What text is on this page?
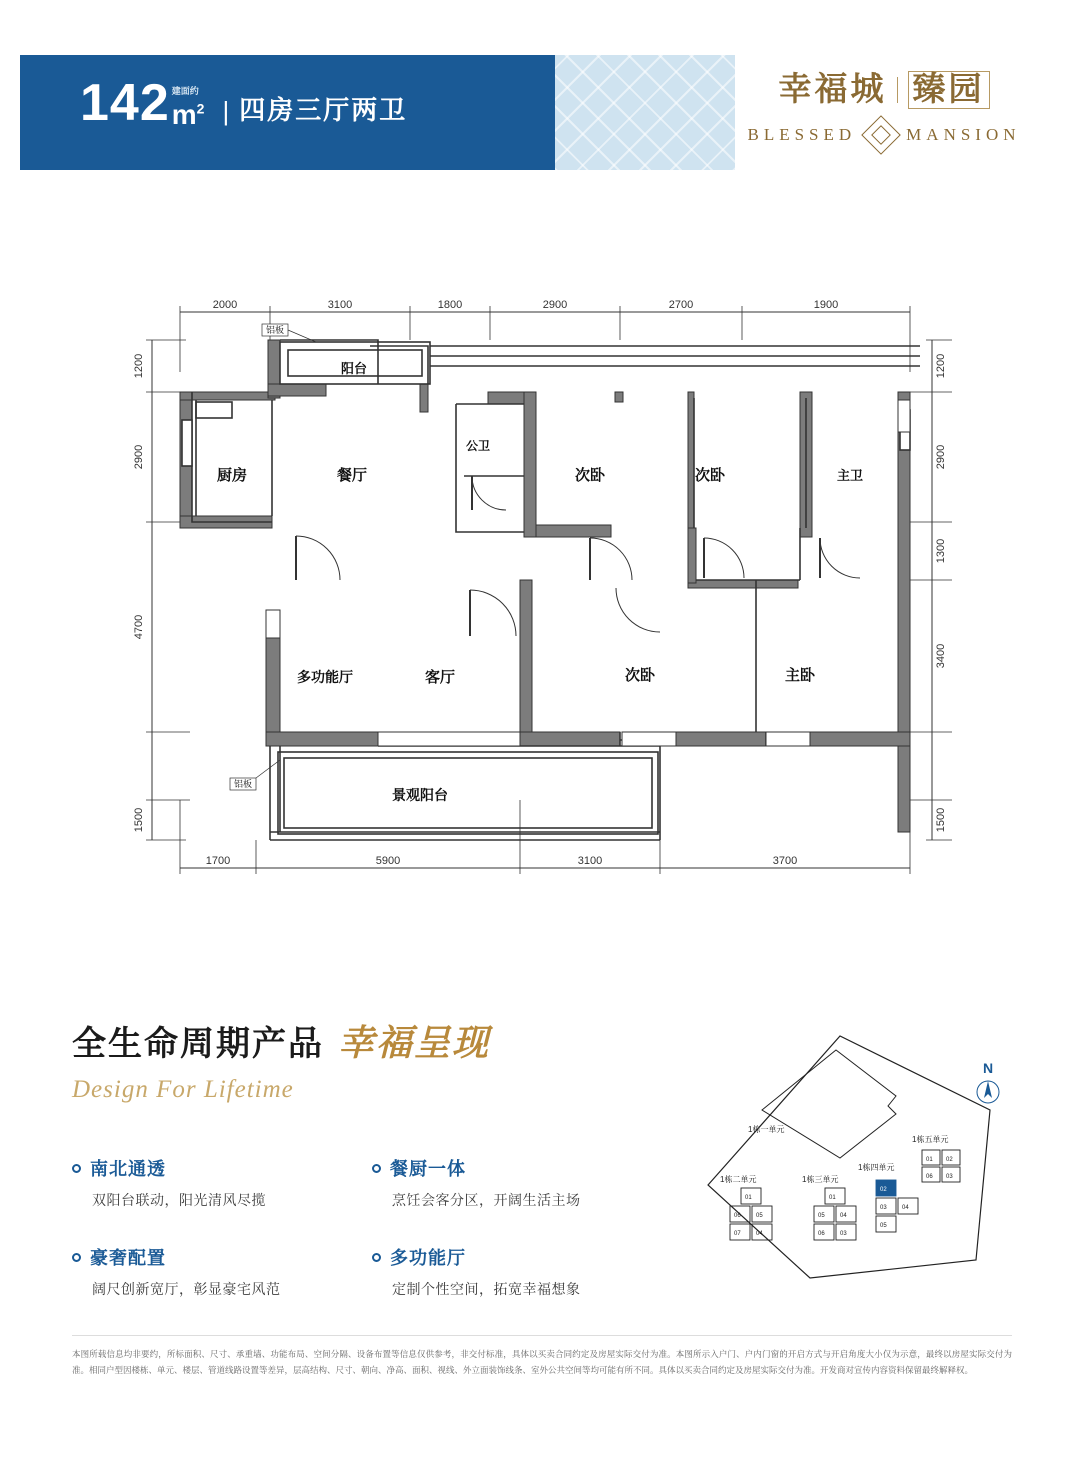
142 建面约
$m^2$ | 四房三厅两卫
幸福城 臻园
BLESSED	MANSION
厨房	餐厅
阳台
公卫
次卧	次卧	主卫
多功能厅	客厅	次卧	主卧
景观阳台
铝板
铝板
2000	3100	1800	2900	2700	1900
1700	5900	3100	3700
1200
2900
4700
1500
1200
2900
1300
3400
1500
全生命周期产品 幸福呈现
Design For Lifetime
南北通透
双阳台联动，阳光清风尽揽
餐厨一体
烹饪会客分区，开阔生活主场
豪奢配置
阔尺创新宽厅，彰显豪宅风范
多功能厅
定制个性空间，拓宽幸福想象
1栋一单元
06	05
07	04
01
1栋二单元
05	04
06	03
01
1栋三单元
02
03	04
05
1栋四单元
01 02
06 03
1栋五单元
N
本图所载信息均非要约，所标面积、尺寸、承重墙、功能布局、空间分隔、设备布置等信息仅供参考，非交付标准，具体以买卖合同约定及房屋实际交付为准。本图所示入户门、户内门窗的开启方式与开启角度大小仅为示意，最终以房屋实际交付为准。相同户型因楼栋、单元、楼层、管道线路设置等差异，层高结构、尺寸、朝向、净高、面积、视线、外立面装饰线条、室外公共空间等均可能有所不同。具体以买卖合同约定及房屋实际交付为准。开发商对宣传内容资料保留最终解释权。
